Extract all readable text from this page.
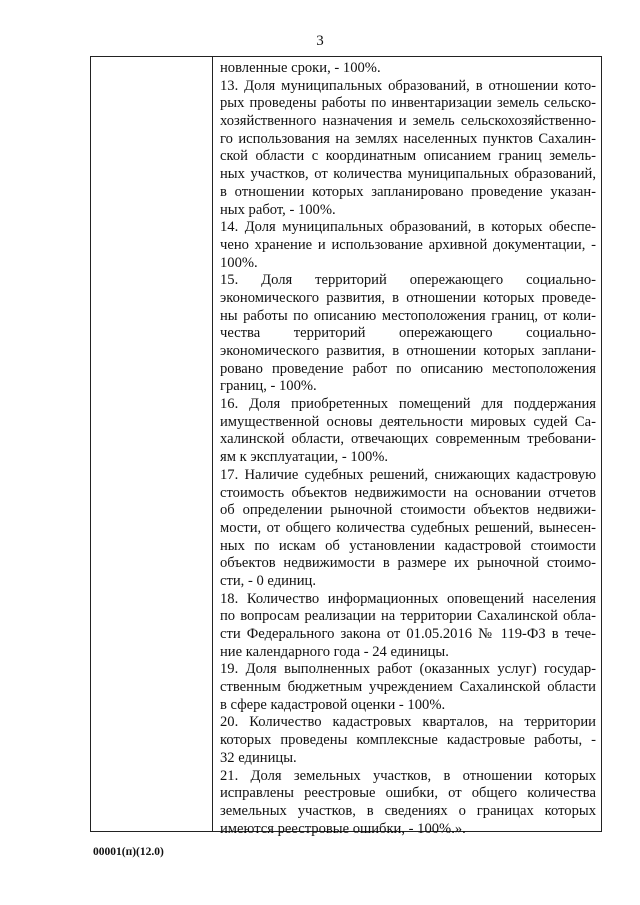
3
новленные сроки, - 100%.
13. Доля муниципальных образований, в отношении кото-
рых проведены работы по инвентаризации земель сельско-
хозяйственного назначения и земель сельскохозяйственно-
го использования на землях населенных пунктов Сахалин-
ской области с координатным описанием границ земель-
ных участков, от количества муниципальных образований,
в отношении которых запланировано проведение указан-
ных работ, - 100%.
14. Доля муниципальных образований, в которых обеспе-
чено хранение и использование архивной документации, -
100%.
15. Доля территорий опережающего социально-
экономического развития, в отношении которых проведе-
ны работы по описанию местоположения границ, от коли-
чества территорий опережающего социально-
экономического развития, в отношении которых заплани-
ровано проведение работ по описанию местоположения
границ, - 100%.
16. Доля приобретенных помещений для поддержания
имущественной основы деятельности мировых судей Са-
халинской области, отвечающих современным требовани-
ям к эксплуатации, - 100%.
17. Наличие судебных решений, снижающих кадастровую
стоимость объектов недвижимости на основании отчетов
об определении рыночной стоимости объектов недвижи-
мости, от общего количества судебных решений, вынесен-
ных по искам об установлении кадастровой стоимости
объектов недвижимости в размере их рыночной стоимо-
сти, - 0 единиц.
18. Количество информационных оповещений населения
по вопросам реализации на территории Сахалинской обла-
сти Федерального закона от 01.05.2016 № 119-ФЗ в тече-
ние календарного года - 24 единицы.
19. Доля выполненных работ (оказанных услуг) государ-
ственным бюджетным учреждением Сахалинской области
в сфере кадастровой оценки - 100%.
20. Количество кадастровых кварталов, на территории
которых проведены комплексные кадастровые работы, -
32 единицы.
21. Доля земельных участков, в отношении которых
исправлены реестровые ошибки, от общего количества
земельных участков, в сведениях о границах которых
имеются реестровые ошибки, - 100%.».
00001(п)(12.0)
